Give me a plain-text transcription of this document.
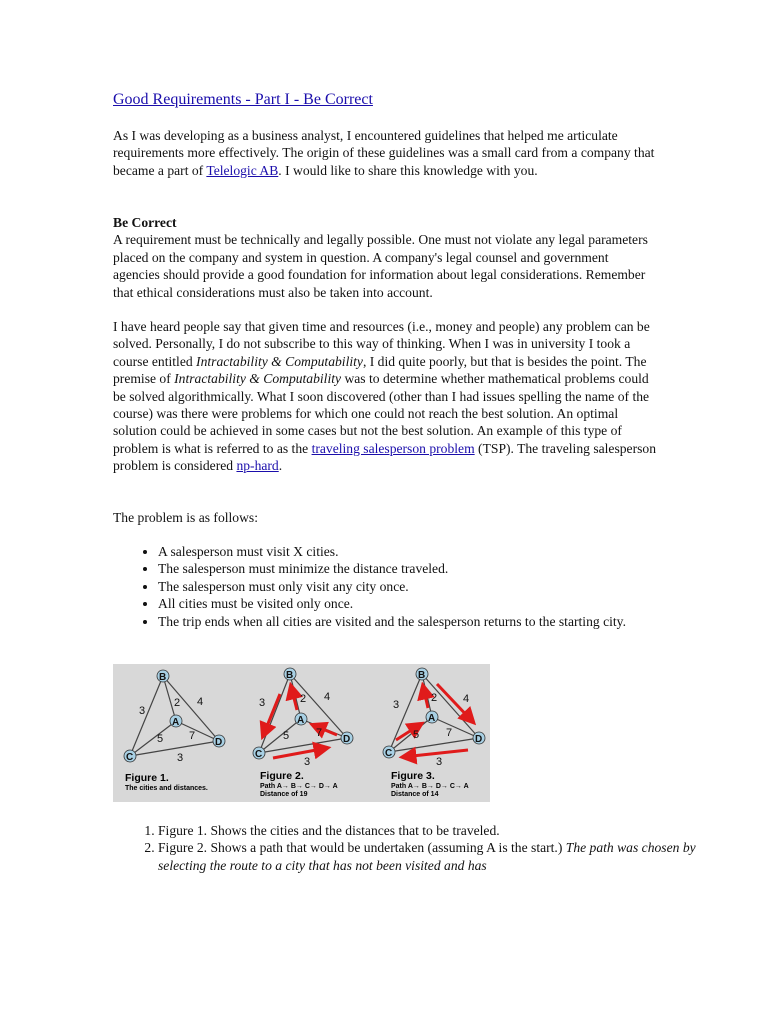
Good Requirements - Part I - Be Correct

As I was developing as a business analyst, I encountered guidelines that helped me articulate requirements more effectively. The origin of these guidelines was a small card from a company that became a part of Telelogic AB. I would like to share this knowledge with you.

Be Correct
A requirement must be technically and legally possible. One must not violate any legal parameters placed on the company and system in question. A company's legal counsel and government agencies should provide a good foundation for information about legal considerations. Remember that ethical considerations must also be taken into account.

I have heard people say that given time and resources (i.e., money and people) any problem can be solved. Personally, I do not subscribe to this way of thinking. When I was in university I took a course entitled Intractability & Computability, I did quite poorly, but that is besides the point. The premise of Intractability & Computability was to determine whether mathematical problems could be solved algorithmically. What I soon discovered (other than I had issues spelling the name of the course) was there were problems for which one could not reach the best solution. An optimal solution could be achieved in some cases but not the best solution. An example of this type of problem is what is referred to as the traveling salesperson problem (TSP). The traveling salesperson problem is considered np-hard.

The problem is as follows:

• A salesperson must visit X cities.
• The salesperson must minimize the distance traveled.
• The salesperson must only visit any city once.
• All cities must be visited only once.
• The trip ends when all cities are visited and the salesperson returns to the starting city.
B
A
C
D
2 4
3
5 7
3
Figure 1.
The cities and distances.
B
A
C
D
2 4
3
5 7
3
Figure 2.
Path A→ B→ C→ D→ A
Distance of 19
B
A
C
D
2 4
3
5 7
3
Figure 3.
Path A→ B→ D→ C→ A
Distance of 14
1. Figure 1. Shows the cities and the distances that to be traveled.
2. Figure 2. Shows a path that would be undertaken (assuming A is the start.) The path was chosen by selecting the route to a city that has not been visited and has
